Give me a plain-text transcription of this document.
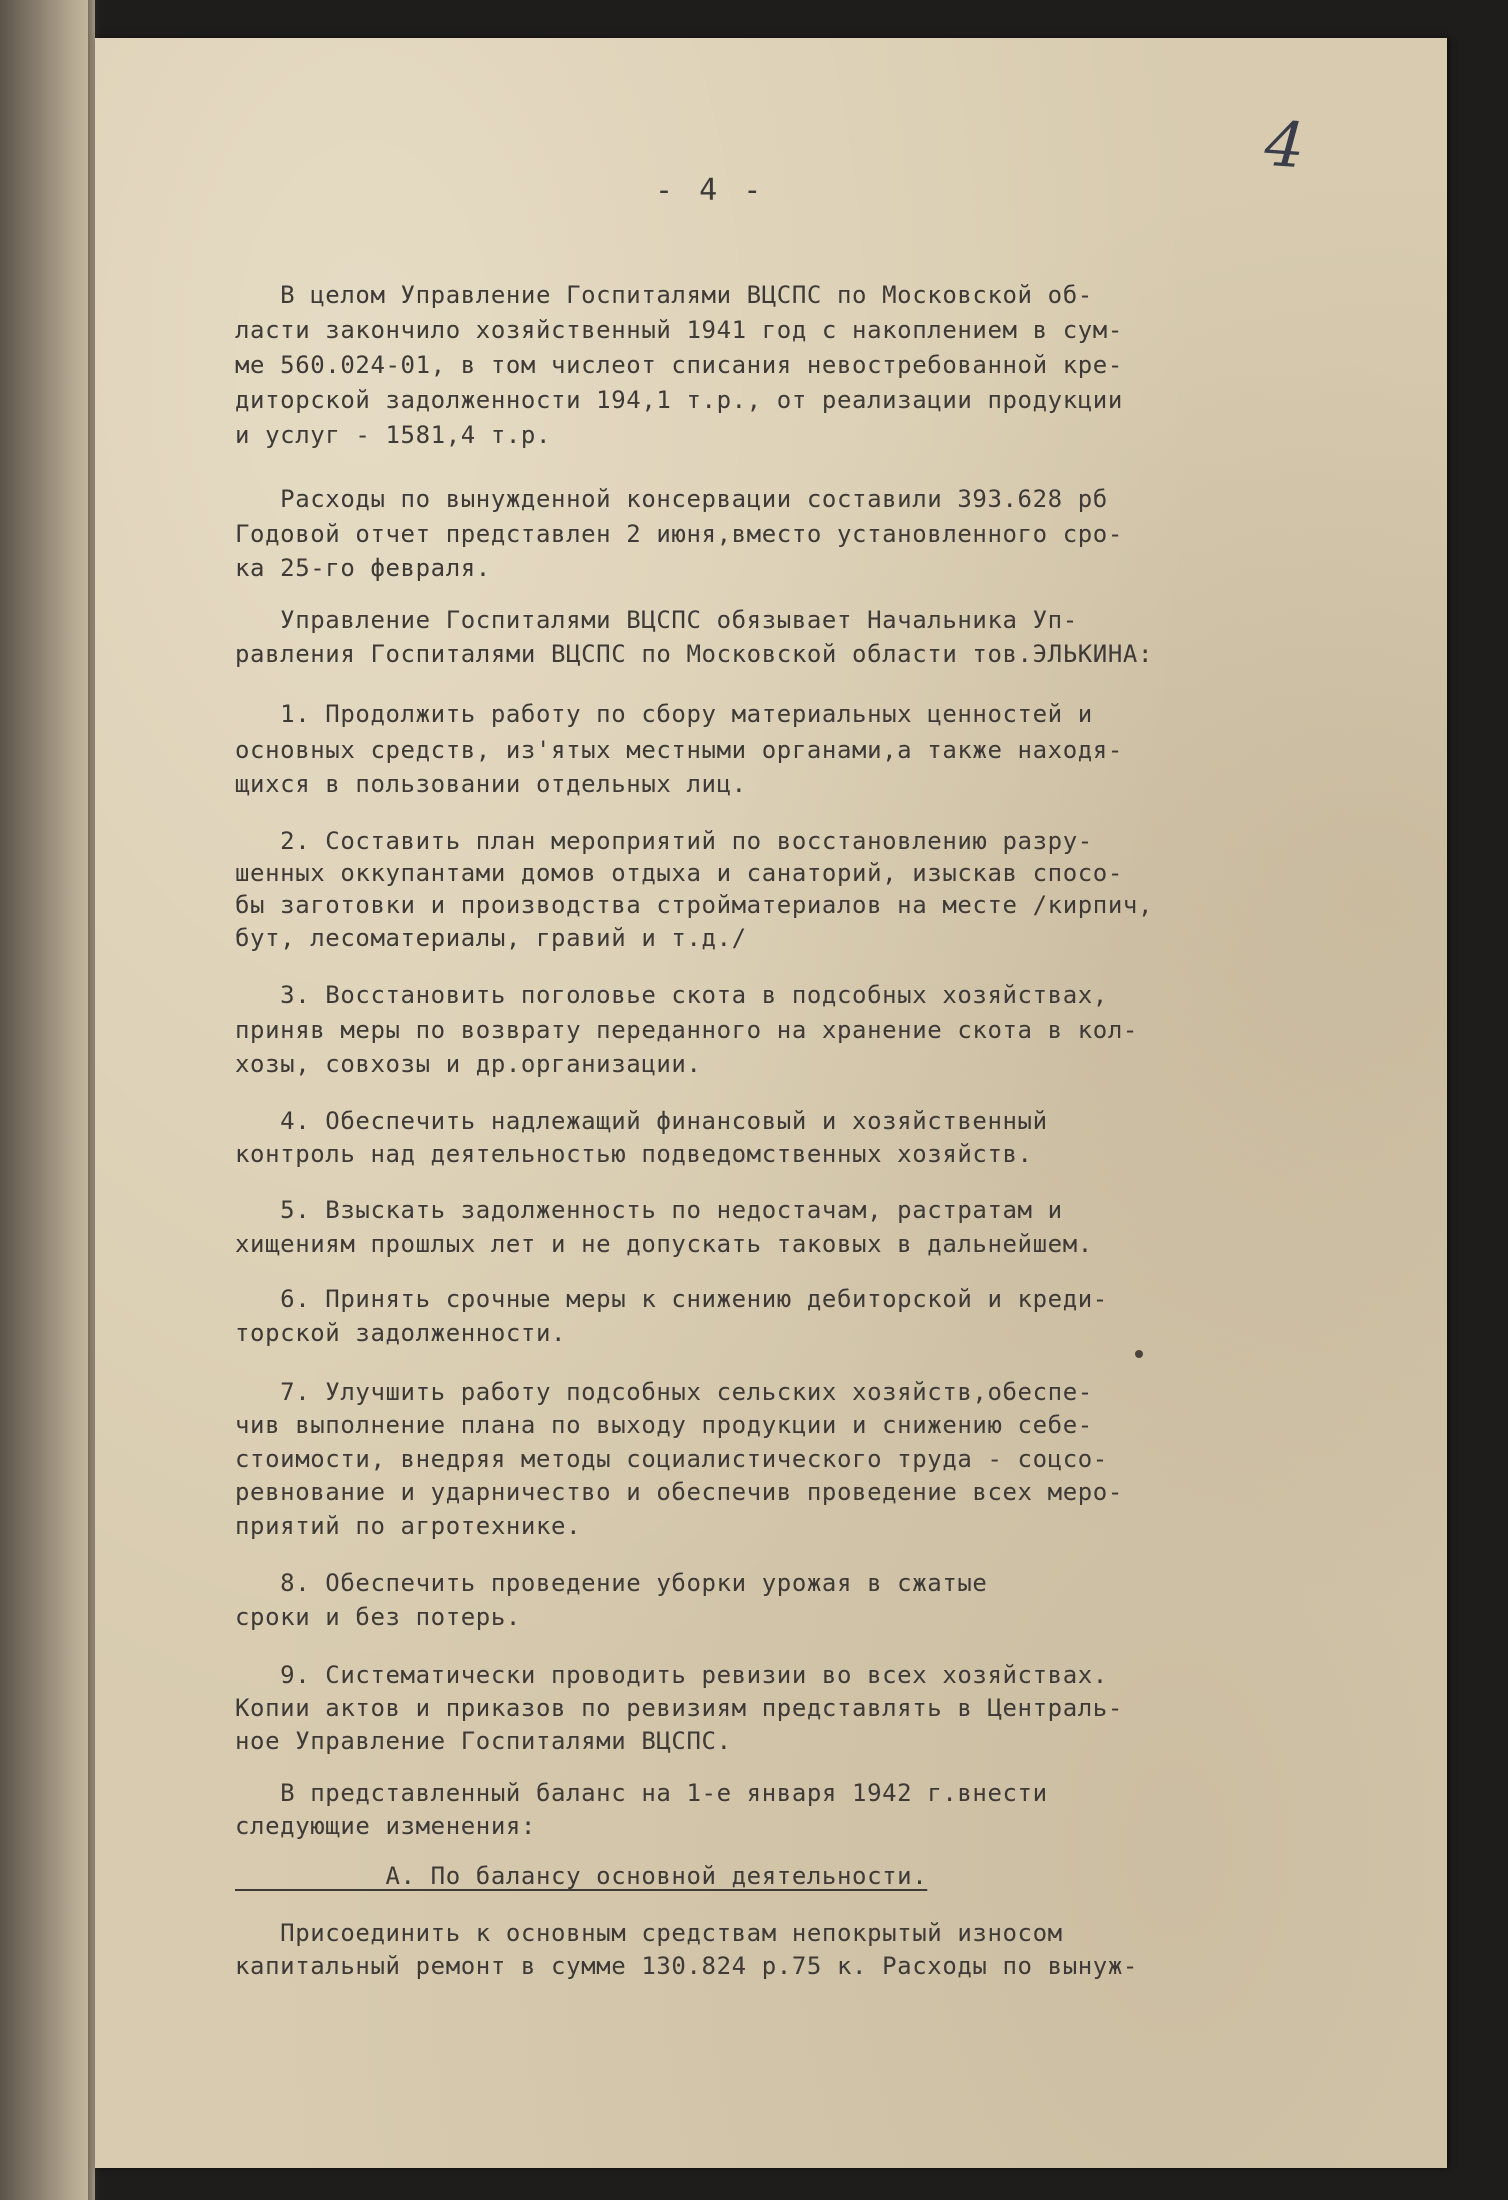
4
- 4 -
В целом Управление Госпиталями ВЦСПС по Московской об-
ласти закончило хозяйственный 1941 год с накоплением в сум-
ме 560.024-01, в том числеот списания невостребованной кре-
диторской задолженности 194,1 т.р., от реализации продукции
и услуг - 1581,4 т.р.
Расходы по вынужденной консервации составили 393.628 рб
Годовой отчет представлен 2 июня,вместо установленного сро-
ка 25-го февраля.
Управление Госпиталями ВЦСПС обязывает Начальника Уп-
равления Госпиталями ВЦСПС по Московской области тов.ЭЛЬКИНА:
1. Продолжить работу по сбору материальных ценностей и
основных средств, из'ятых местными органами,а также находя-
щихся в пользовании отдельных лиц.
2. Составить план мероприятий по восстановлению разру-
шенных оккупантами домов отдыха и санаторий, изыскав спосо-
бы заготовки и производства стройматериалов на месте /кирпич,
бут, лесоматериалы, гравий и т.д./
3. Восстановить поголовье скота в подсобных хозяйствах,
приняв меры по возврату переданного на хранение скота в кол-
хозы, совхозы и др.организации.
4. Обеспечить надлежащий финансовый и хозяйственный
контроль над деятельностью подведомственных хозяйств.
5. Взыскать задолженность по недостачам, растратам и
хищениям прошлых лет и не допускать таковых в дальнейшем.
6. Принять срочные меры к снижению дебиторской и креди-
торской задолженности.
7. Улучшить работу подсобных сельских хозяйств,обеспе-
чив выполнение плана по выходу продукции и снижению себе-
стоимости, внедряя методы социалистического труда - соцсо-
ревнование и ударничество и обеспечив проведение всех меро-
приятий по агротехнике.
8. Обеспечить проведение уборки урожая в сжатые
сроки и без потерь.
9. Систематически проводить ревизии во всех хозяйствах.
Копии актов и приказов по ревизиям представлять в Централь-
ное Управление Госпиталями ВЦСПС.
В представленный баланс на 1-е января 1942 г.внести
следующие изменения:
А. По балансу основной деятельности.
Присоединить к основным средствам непокрытый износом
капитальный ремонт в сумме 130.824 р.75 к. Расходы по вынуж-
